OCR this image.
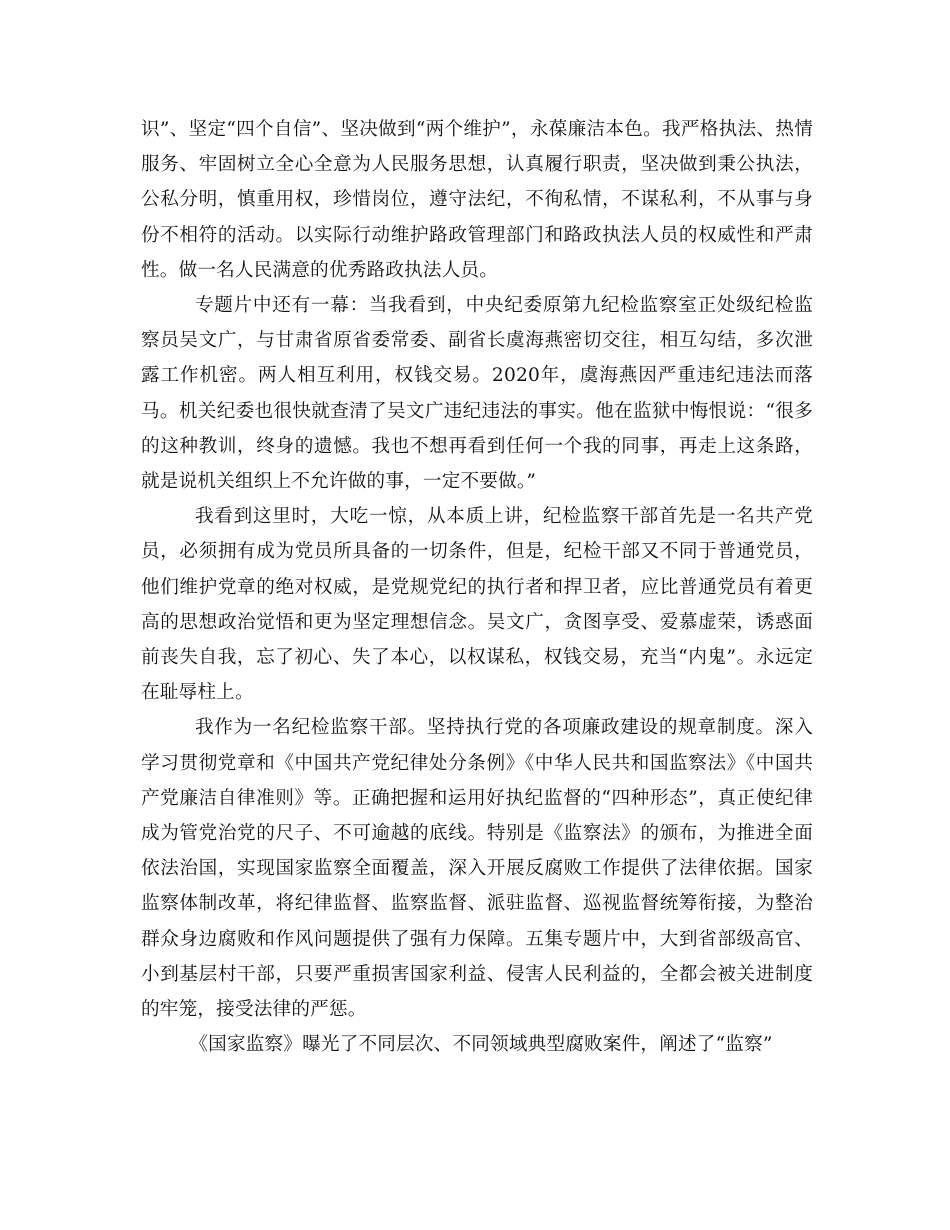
识”、坚定“四个自信”、坚决做到“两个维护”，永葆廉洁本色。我严格执法、热情服务、牢固树立全心全意为人民服务思想，认真履行职责，坚决做到秉公执法，公私分明，慎重用权，珍惜岗位，遵守法纪，不徇私情，不谋私利，不从事与身份不相符的活动。以实际行动维护路政管理部门和路政执法人员的权威性和严肃性。做一名人民满意的优秀路政执法人员。

专题片中还有一幕：当我看到，中央纪委原第九纪检监察室正处级纪检监察员吴文广，与甘肃省原省委常委、副省长虞海燕密切交往，相互勾结，多次泄露工作机密。两人相互利用，权钱交易。2020年，虞海燕因严重违纪违法而落马。机关纪委也很快就查清了吴文广违纪违法的事实。他在监狱中悔恨说：“很多的这种教训，终身的遗憾。我也不想再看到任何一个我的同事，再走上这条路，就是说机关组织上不允许做的事，一定不要做。”

我看到这里时，大吃一惊，从本质上讲，纪检监察干部首先是一名共产党员，必须拥有成为党员所具备的一切条件，但是，纪检干部又不同于普通党员，他们维护党章的绝对权威，是党规党纪的执行者和捍卫者，应比普通党员有着更高的思想政治觉悟和更为坚定理想信念。吴文广，贪图享受、爱慕虚荣，诱惑面前丧失自我，忘了初心、失了本心，以权谋私，权钱交易，充当“内鬼”。永远定在耻辱柱上。

我作为一名纪检监察干部。坚持执行党的各项廉政建设的规章制度。深入学习贯彻党章和《中国共产党纪律处分条例》《中华人民共和国监察法》《中国共产党廉洁自律准则》等。正确把握和运用好执纪监督的“四种形态”，真正使纪律成为管党治党的尺子、不可逾越的底线。特别是《监察法》的颁布，为推进全面依法治国，实现国家监察全面覆盖，深入开展反腐败工作提供了法律依据。国家监察体制改革，将纪律监督、监察监督、派驻监督、巡视监督统筹衔接，为整治群众身边腐败和作风问题提供了强有力保障。五集专题片中，大到省部级高官、小到基层村干部，只要严重损害国家利益、侵害人民利益的，全都会被关进制度的牢笼，接受法律的严惩。

《国家监察》曝光了不同层次、不同领域典型腐败案件，阐述了“监察”
